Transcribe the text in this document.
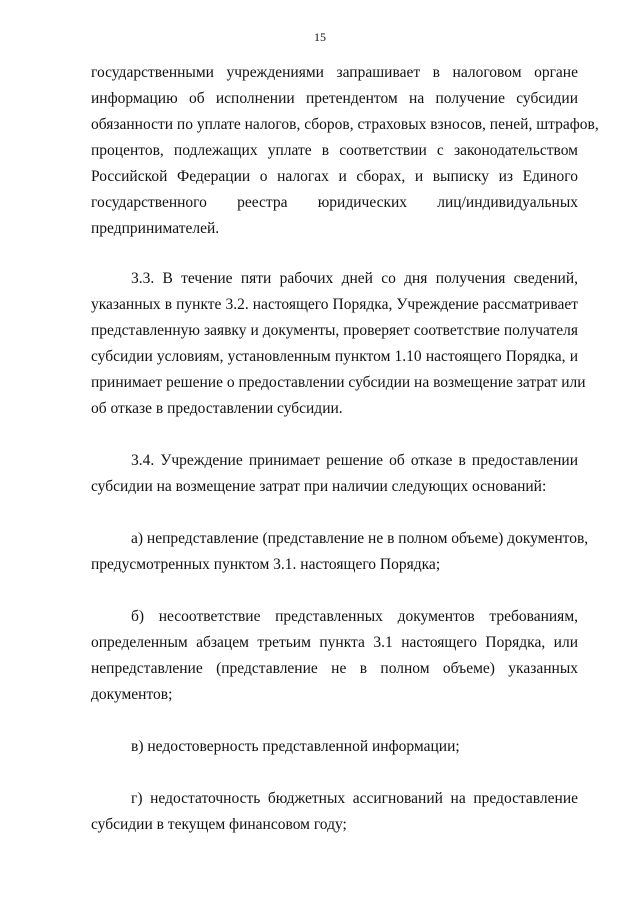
15
государственными учреждениями запрашивает в налоговом органе
информацию об исполнении претендентом на получение субсидии
обязанности по уплате налогов, сборов, страховых взносов, пеней, штрафов,
процентов, подлежащих уплате в соответствии с законодательством
Российской Федерации о налогах и сборах, и выписку из Единого
государственного реестра юридических лиц/индивидуальных
предпринимателей.
3.3. В течение пяти рабочих дней со дня получения сведений,
указанных в пункте 3.2. настоящего Порядка, Учреждение рассматривает
представленную заявку и документы, проверяет соответствие получателя
субсидии условиям, установленным пунктом 1.10 настоящего Порядка, и
принимает решение о предоставлении субсидии на возмещение затрат или
об отказе в предоставлении субсидии.
3.4. Учреждение принимает решение об отказе в предоставлении
субсидии на возмещение затрат при наличии следующих оснований:
а) непредставление (представление не в полном объеме) документов,
предусмотренных пунктом 3.1. настоящего Порядка;
б) несоответствие представленных документов требованиям,
определенным абзацем третьим пункта 3.1 настоящего Порядка, или
непредставление (представление не в полном объеме) указанных
документов;
в) недостоверность представленной информации;
г) недостаточность бюджетных ассигнований на предоставление
субсидии в текущем финансовом году;
